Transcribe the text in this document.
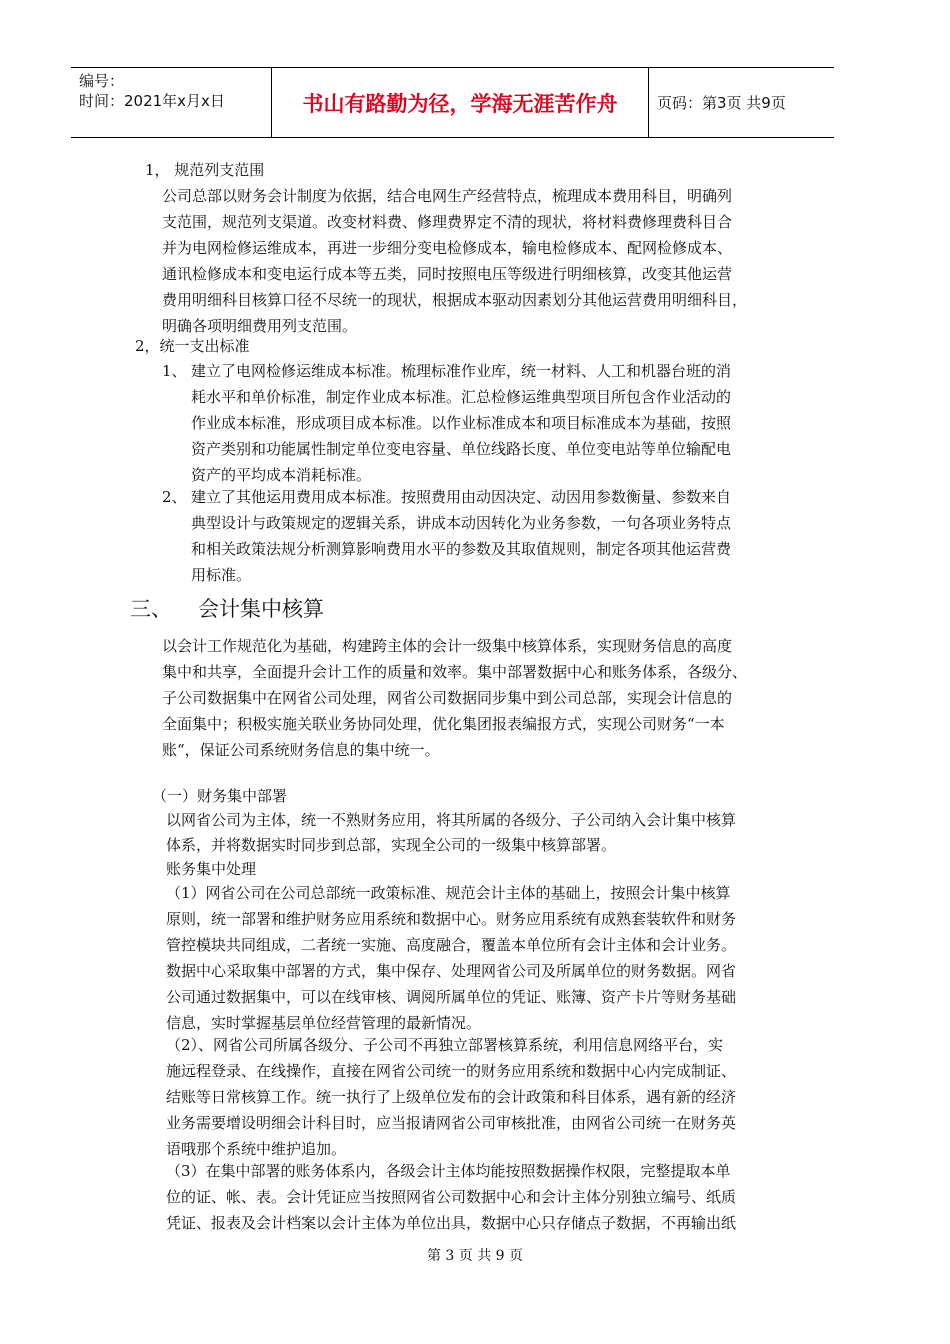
编号：
时间：2021年x月x日	书山有路勤为径，学海无涯苦作舟	页码：第3页 共9页
1， 规范列支范围
公司总部以财务会计制度为依据，结合电网生产经营特点，梳理成本费用科目，明确列
支范围，规范列支渠道。改变材料费、修理费界定不清的现状，将材料费修理费科目合
并为电网检修运维成本，再进一步细分变电检修成本，输电检修成本、配网检修成本、
通讯检修成本和变电运行成本等五类，同时按照电压等级进行明细核算，改变其他运营
费用明细科目核算口径不尽统一的现状，根据成本驱动因素划分其他运营费用明细科目，
明确各项明细费用列支范围。
2，统一支出标准
1、 建立了电网检修运维成本标准。梳理标准作业库，统一材料、人工和机器台班的消
耗水平和单价标准，制定作业成本标准。汇总检修运维典型项目所包含作业活动的
作业成本标准，形成项目成本标准。以作业标准成本和项目标准成本为基础，按照
资产类别和功能属性制定单位变电容量、单位线路长度、单位变电站等单位输配电
资产的平均成本消耗标准。
2、 建立了其他运用费用成本标准。按照费用由动因决定、动因用参数衡量、参数来自
典型设计与政策规定的逻辑关系，讲成本动因转化为业务参数，一句各项业务特点
和相关政策法规分析测算影响费用水平的参数及其取值规则，制定各项其他运营费
用标准。
三、 会计集中核算
以会计工作规范化为基础，构建跨主体的会计一级集中核算体系，实现财务信息的高度
集中和共享，全面提升会计工作的质量和效率。集中部署数据中心和账务体系，各级分、
子公司数据集中在网省公司处理，网省公司数据同步集中到公司总部，实现会计信息的
全面集中；积极实施关联业务协同处理，优化集团报表编报方式，实现公司财务“一本
账“，保证公司系统财务信息的集中统一。
（一）财务集中部署
以网省公司为主体，统一不熟财务应用，将其所属的各级分、子公司纳入会计集中核算
体系，并将数据实时同步到总部，实现全公司的一级集中核算部署。
账务集中处理
（1）网省公司在公司总部统一政策标准、规范会计主体的基础上，按照会计集中核算
原则，统一部署和维护财务应用系统和数据中心。财务应用系统有成熟套装软件和财务
管控模块共同组成，二者统一实施、高度融合，覆盖本单位所有会计主体和会计业务。
数据中心采取集中部署的方式，集中保存、处理网省公司及所属单位的财务数据。网省
公司通过数据集中，可以在线审核、调阅所属单位的凭证、账簿、资产卡片等财务基础
信息，实时掌握基层单位经营管理的最新情况。
（2）、网省公司所属各级分、子公司不再独立部署核算系统，利用信息网络平台，实
施远程登录、在线操作，直接在网省公司统一的财务应用系统和数据中心内完成制证、
结账等日常核算工作。统一执行了上级单位发布的会计政策和科目体系，遇有新的经济
业务需要增设明细会计科目时，应当报请网省公司审核批准，由网省公司统一在财务英
语哦那个系统中维护追加。
（3）在集中部署的账务体系内，各级会计主体均能按照数据操作权限，完整提取本单
位的证、帐、表。会计凭证应当按照网省公司数据中心和会计主体分别独立编号、纸质
凭证、报表及会计档案以会计主体为单位出具，数据中心只存储点子数据，不再输出纸
第 3 页 共 9 页
